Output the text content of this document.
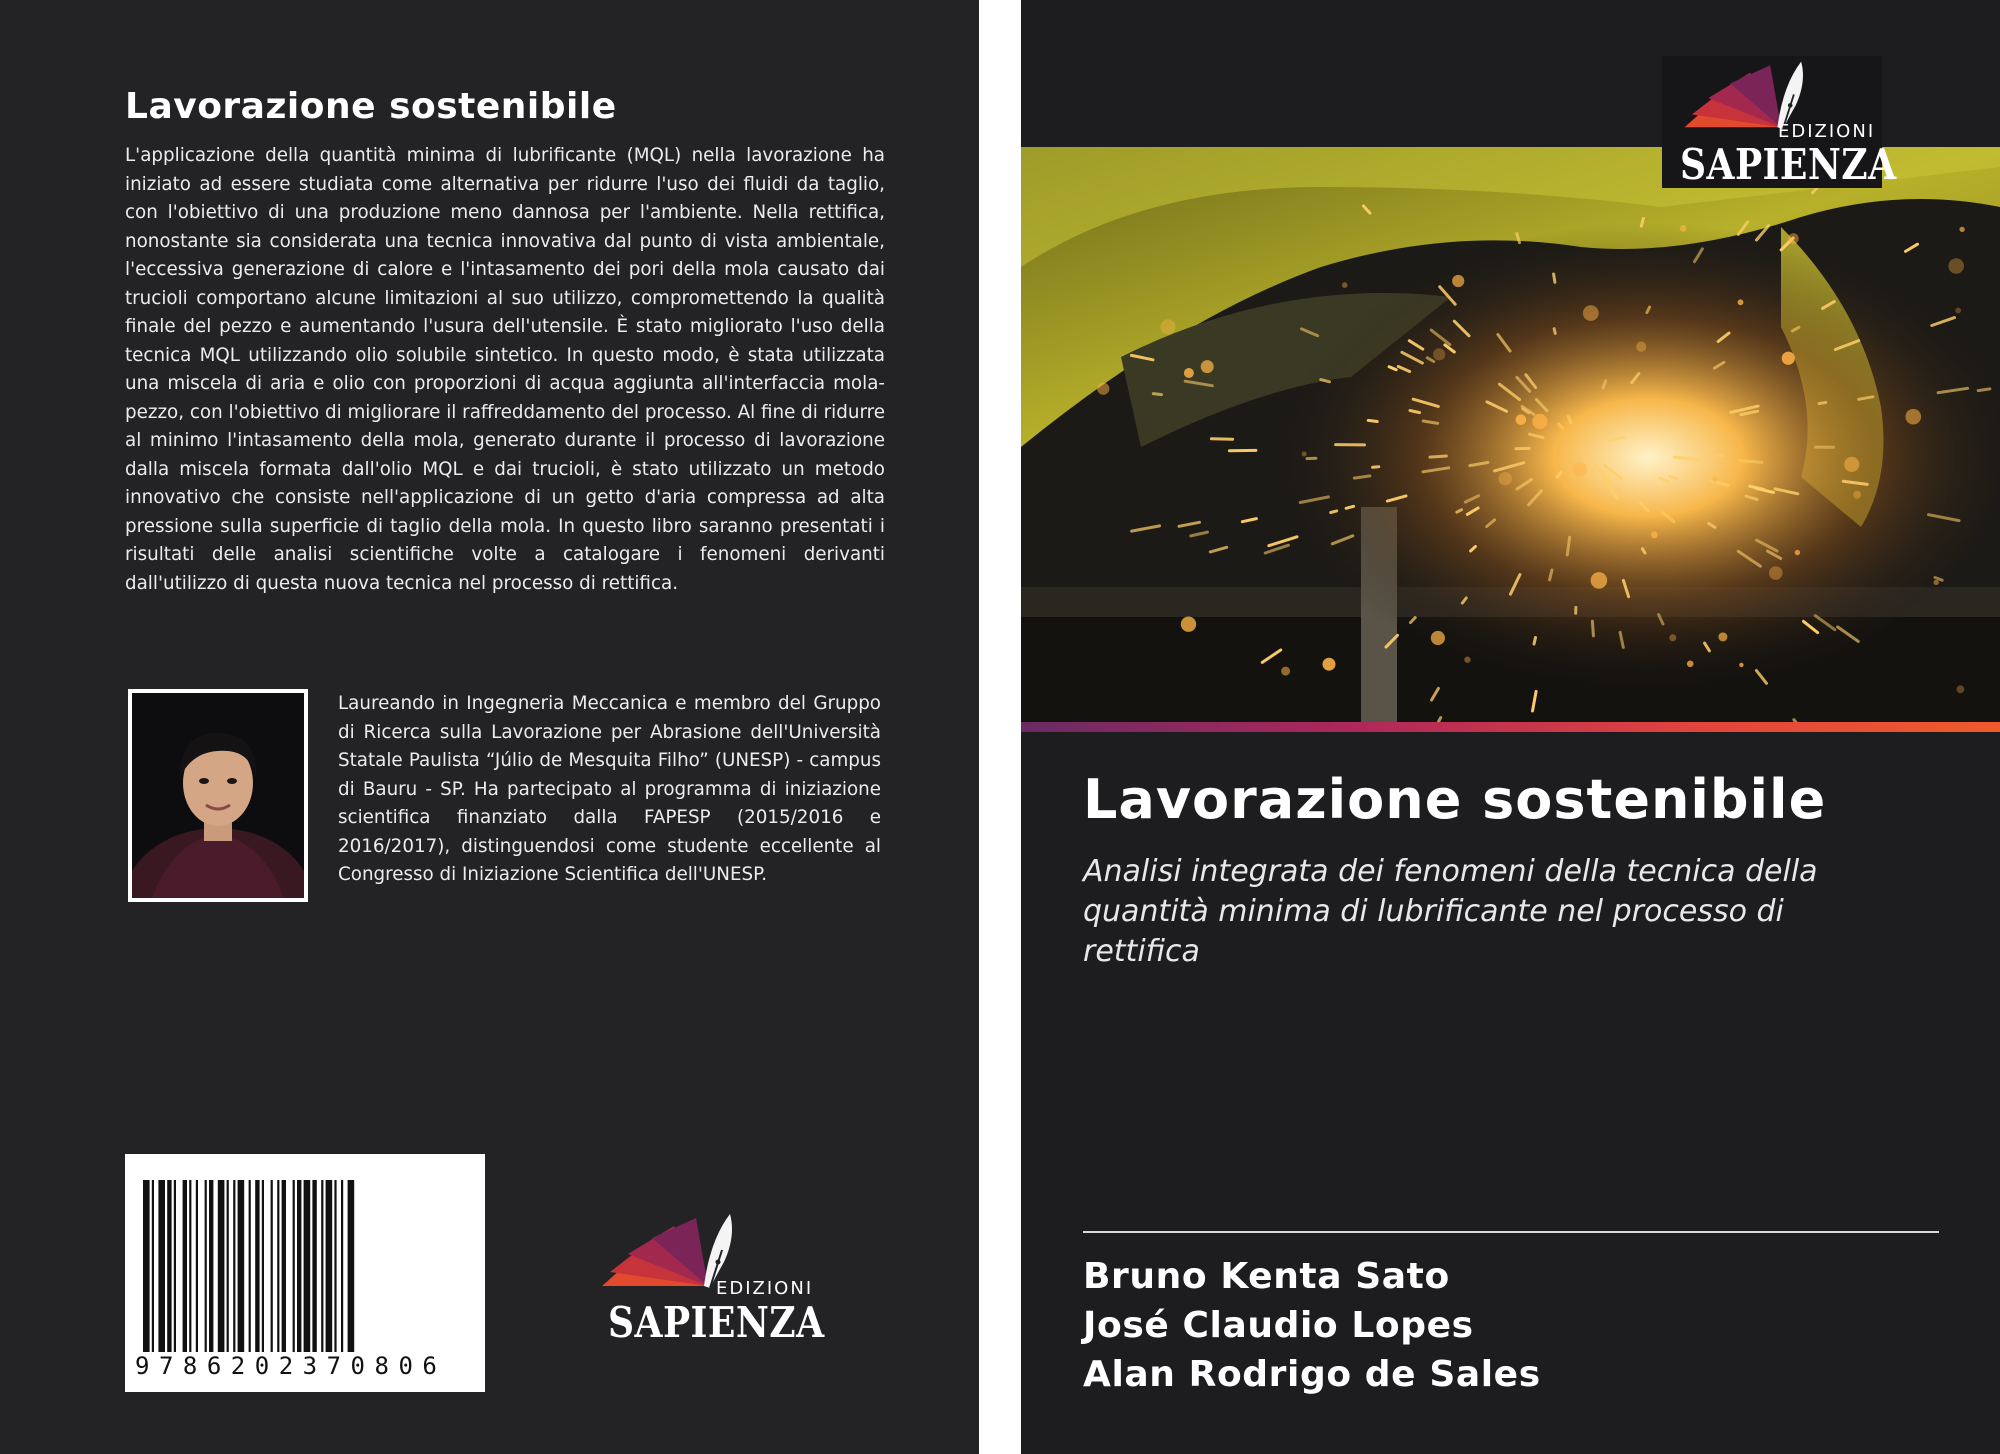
Lavorazione sostenibile
L'applicazione della quantità minima di lubrificante (MQL) nella lavorazione ha iniziato ad essere studiata come alternativa per ridurre l'uso dei fluidi da taglio, con l'obiettivo di una produzione meno dannosa per l'ambiente. Nella rettifica, nonostante sia considerata una tecnica innovativa dal punto di vista ambientale, l'eccessiva generazione di calore e l'intasamento dei pori della mola causato dai trucioli comportano alcune limitazioni al suo utilizzo, compromettendo la qualità finale del pezzo e aumentando l'usura dell'utensile. È stato migliorato l'uso della tecnica MQL utilizzando olio solubile sintetico. In questo modo, è stata utilizzata una miscela di aria e olio con proporzioni di acqua aggiunta all'interfaccia mola-pezzo, con l'obiettivo di migliorare il raffreddamento del processo. Al fine di ridurre al minimo l'intasamento della mola, generato durante il processo di lavorazione dalla miscela formata dall'olio MQL e dai trucioli, è stato utilizzato un metodo innovativo che consiste nell'applicazione di un getto d'aria compressa ad alta pressione sulla superficie di taglio della mola. In questo libro saranno presentati i risultati delle analisi scientifiche volte a catalogare i fenomeni derivanti dall'utilizzo di questa nuova tecnica nel processo di rettifica.
Laureando in Ingegneria Meccanica e membro del Gruppo di Ricerca sulla Lavorazione per Abrasione dell'Università Statale Paulista “Júlio de Mesquita Filho” (UNESP) - campus di Bauru - SP. Ha partecipato al programma di iniziazione scientifica finanziato dalla FAPESP (2015/2016 e 2016/2017), distinguendosi come studente eccellente al Congresso di Iniziazione Scientifica dell'UNESP.
9786202370806
EDIZIONI
SAPIENZA
EDIZIONI
SAPIENZA
Lavorazione sostenibile
Analisi integrata dei fenomeni della tecnica della quantità minima di lubrificante nel processo di rettifica
Bruno Kenta Sato
José Claudio Lopes
Alan Rodrigo de Sales
